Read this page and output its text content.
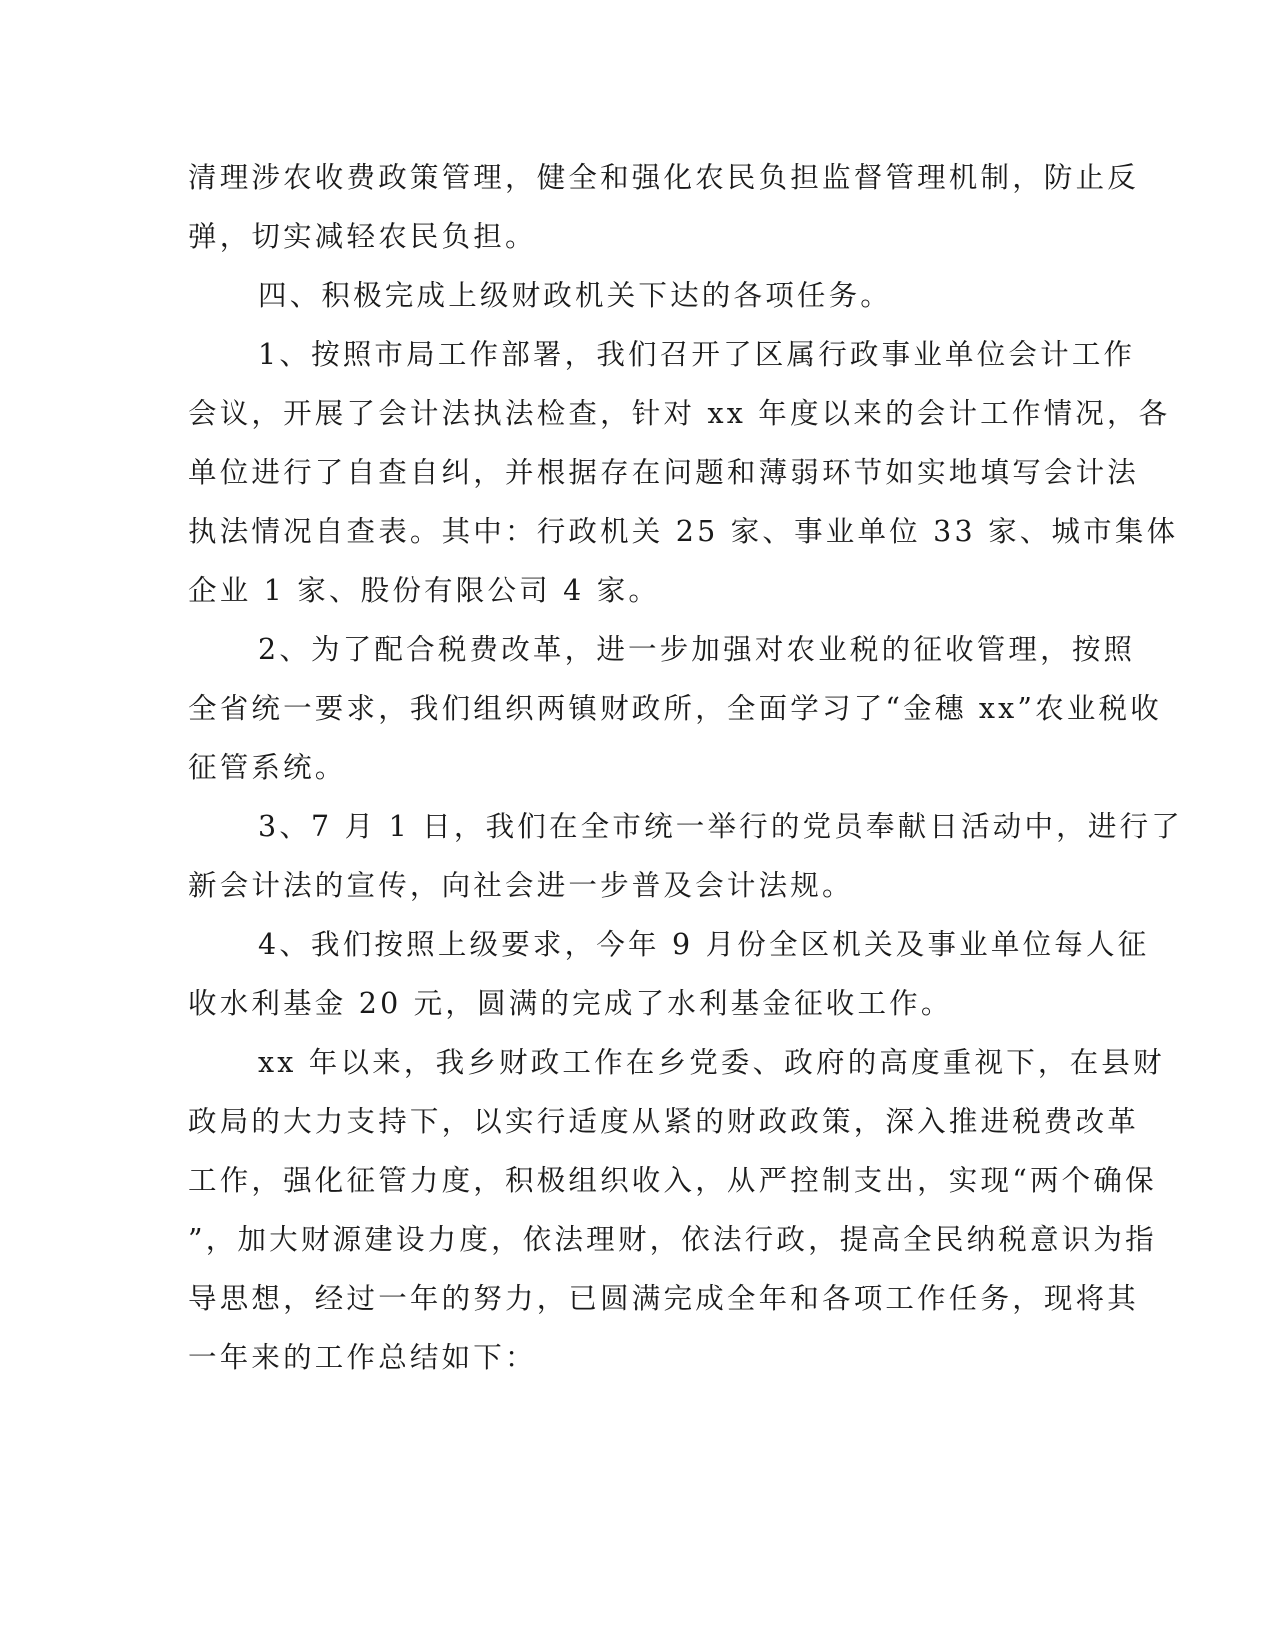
清理涉农收费政策管理，健全和强化农民负担监督管理机制，防止反
弹，切实减轻农民负担。
四、积极完成上级财政机关下达的各项任务。
1、按照市局工作部署，我们召开了区属行政事业单位会计工作
会议，开展了会计法执法检查，针对 xx 年度以来的会计工作情况，各
单位进行了自查自纠，并根据存在问题和薄弱环节如实地填写会计法
执法情况自查表。其中：行政机关 25 家、事业单位 33 家、城市集体
企业 1 家、股份有限公司 4 家。
2、为了配合税费改革，进一步加强对农业税的征收管理，按照
全省统一要求，我们组织两镇财政所，全面学习了“金穗 xx”农业税收
征管系统。
3、7 月 1 日，我们在全市统一举行的党员奉献日活动中，进行了
新会计法的宣传，向社会进一步普及会计法规。
4、我们按照上级要求，今年 9 月份全区机关及事业单位每人征
收水利基金 20 元，圆满的完成了水利基金征收工作。
xx 年以来，我乡财政工作在乡党委、政府的高度重视下，在县财
政局的大力支持下，以实行适度从紧的财政政策，深入推进税费改革
工作，强化征管力度，积极组织收入，从严控制支出，实现“两个确保
”，加大财源建设力度，依法理财，依法行政，提高全民纳税意识为指
导思想，经过一年的努力，已圆满完成全年和各项工作任务，现将其
一年来的工作总结如下：
